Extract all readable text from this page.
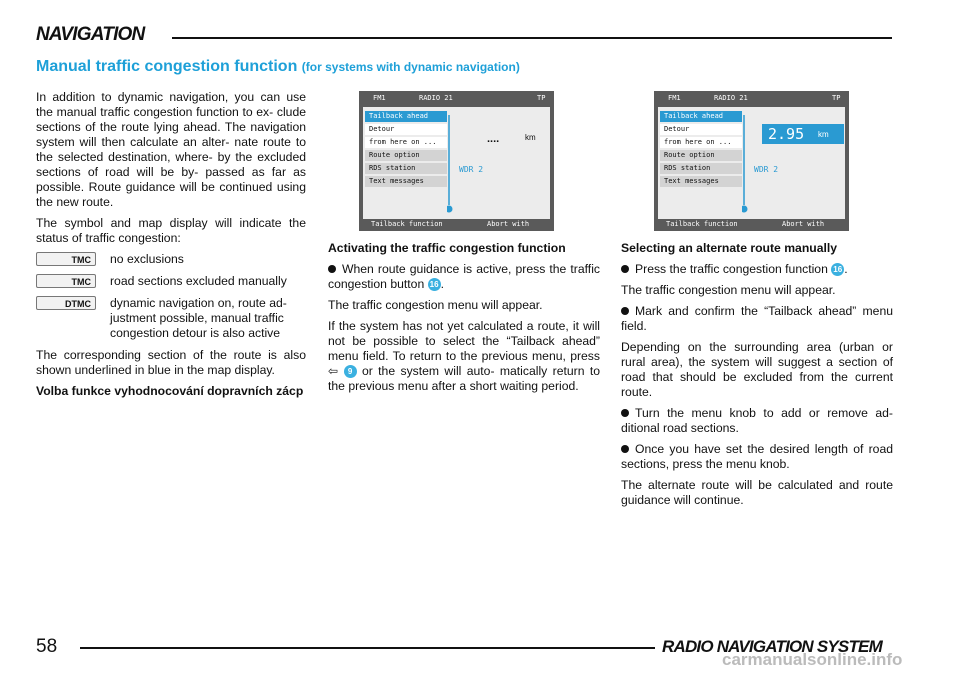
NAVIGATION
Manual traffic congestion function (for systems with dynamic navigation)

In addition to dynamic navigation, you can use the manual traffic congestion function to ex- clude sections of the route lying ahead. The navigation system will then calculate an alter- nate route to the selected destination, where- by the excluded sections of road will be by- passed as far as possible. Route guidance will be continued using the new route.

The symbol and map display will indicate the status of traffic congestion:

TMC	no exclusions
TMC	road sections excluded manually
DTMC	dynamic navigation on, route ad- justment possible, manual traffic congestion detour is also active

The corresponding section of the route is also shown underlined in blue in the map display.

Volba funkce vyhodnocování dopravních zácp

FM1	RADIO 21	TP
Tailback ahead
Detour
from here on ...
Route option
RDS station
Text messages
....	km
WDR 2
Tailback function	Abort with
FM1	RADIO 21	TP
Tailback ahead
Detour
from here on ...
Route option
RDS station
Text messages
2.95 km
WDR 2
Tailback function	Abort with

Activating the traffic congestion function

When route guidance is active, press the traffic congestion button 16 .

The traffic congestion menu will appear.

If the system has not yet calculated a route, it will not be possible to select the “Tailback ahead” menu field. To return to the previous menu, press ⇦ 9 or the system will auto- matically return to the previous menu after a short waiting period.

Selecting an alternate route manually

Press the traffic congestion function 16 .

The traffic congestion menu will appear.

Mark and confirm the “Tailback ahead” menu field.

Depending on the surrounding area (urban or rural area), the system will suggest a section of road that should be excluded from the current route.

Turn the menu knob to add or remove ad- ditional road sections.

Once you have set the desired length of road sections, press the menu knob.

The alternate route will be calculated and route guidance will continue.

58	RADIO NAVIGATION SYSTEM
carmanualsonline.info
